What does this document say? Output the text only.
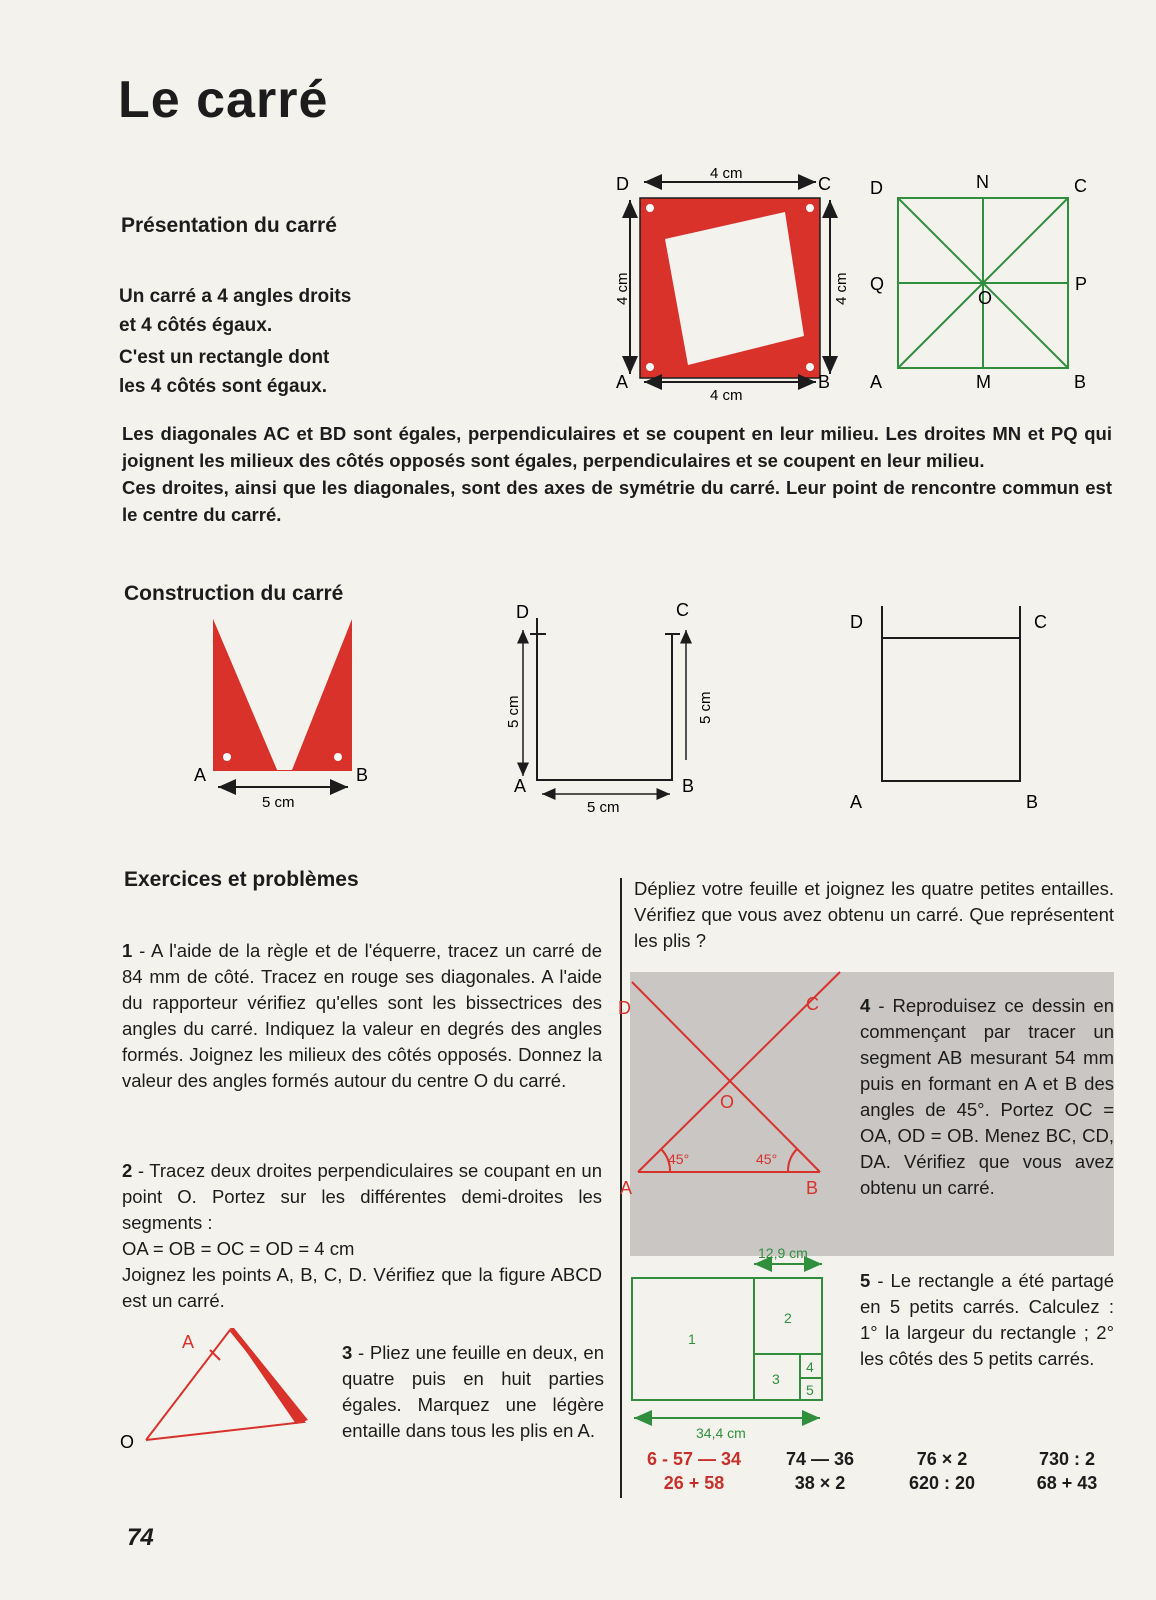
Le carré
Présentation du carré
Un carré a 4 angles droits
et 4 côtés égaux.
C'est un rectangle dont
les 4 côtés sont égaux.
4 cm
4 cm
4 cm	4 cm
D	C
A	B
D	N	C
Q
O
P
A	M	B

Les diagonales AC et BD sont égales, perpendiculaires et se coupent en leur milieu. Les droites MN et PQ qui joignent les milieux des côtés opposés sont égales, perpendiculaires et se coupent en leur milieu.

Ces droites, ainsi que les diagonales, sont des axes de symétrie du carré. Leur point de rencontre commun est le centre du carré.

Construction du carré
A	B
5 cm
D	C
A	B
5 cm	5 cm
5 cm
D	C
A	B
Exercices et problèmes

1 - A l'aide de la règle et de l'équerre, tracez un carré de 84 mm de côté. Tracez en rouge ses diagonales. A l'aide du rapporteur vérifiez qu'elles sont les bissectrices des angles du carré. Indiquez la valeur en degrés des angles formés. Joignez les milieux des côtés opposés. Donnez la valeur des angles formés autour du centre O du carré.

2 - Tracez deux droites perpendiculaires se coupant en un point O. Portez sur les différentes demi-droites les segments :

OA = OB = OC = OD = 4 cm

Joignez les points A, B, C, D. Vérifiez que la figure ABCD est un carré.

A
O

3 - Pliez une feuille en deux, en quatre puis en huit parties égales. Marquez une légère entaille dans tous les plis en A.

Dépliez votre feuille et joignez les quatre petites entailles. Vérifiez que vous avez obtenu un carré. Que représentent les plis ?

D	C
O
A	B
45°	45°

4 - Reproduisez ce dessin en commençant par tracer un segment AB mesurant 54 mm puis en formant en A et B des angles de 45°. Portez OC = OA, OD = OB. Menez BC, CD, DA. Vérifiez que vous avez obtenu un carré.

12,9 cm
34,4 cm
1
2
3
4
5

5 - Le rectangle a été partagé en 5 petits carrés. Calculez : 1° la largeur du rectangle ; 2° les côtés des 5 petits carrés.

6 - 57 — 34
26 + 58
74 — 36
38 × 2
76 × 2
620 : 20
730 : 2
68 + 43
74
